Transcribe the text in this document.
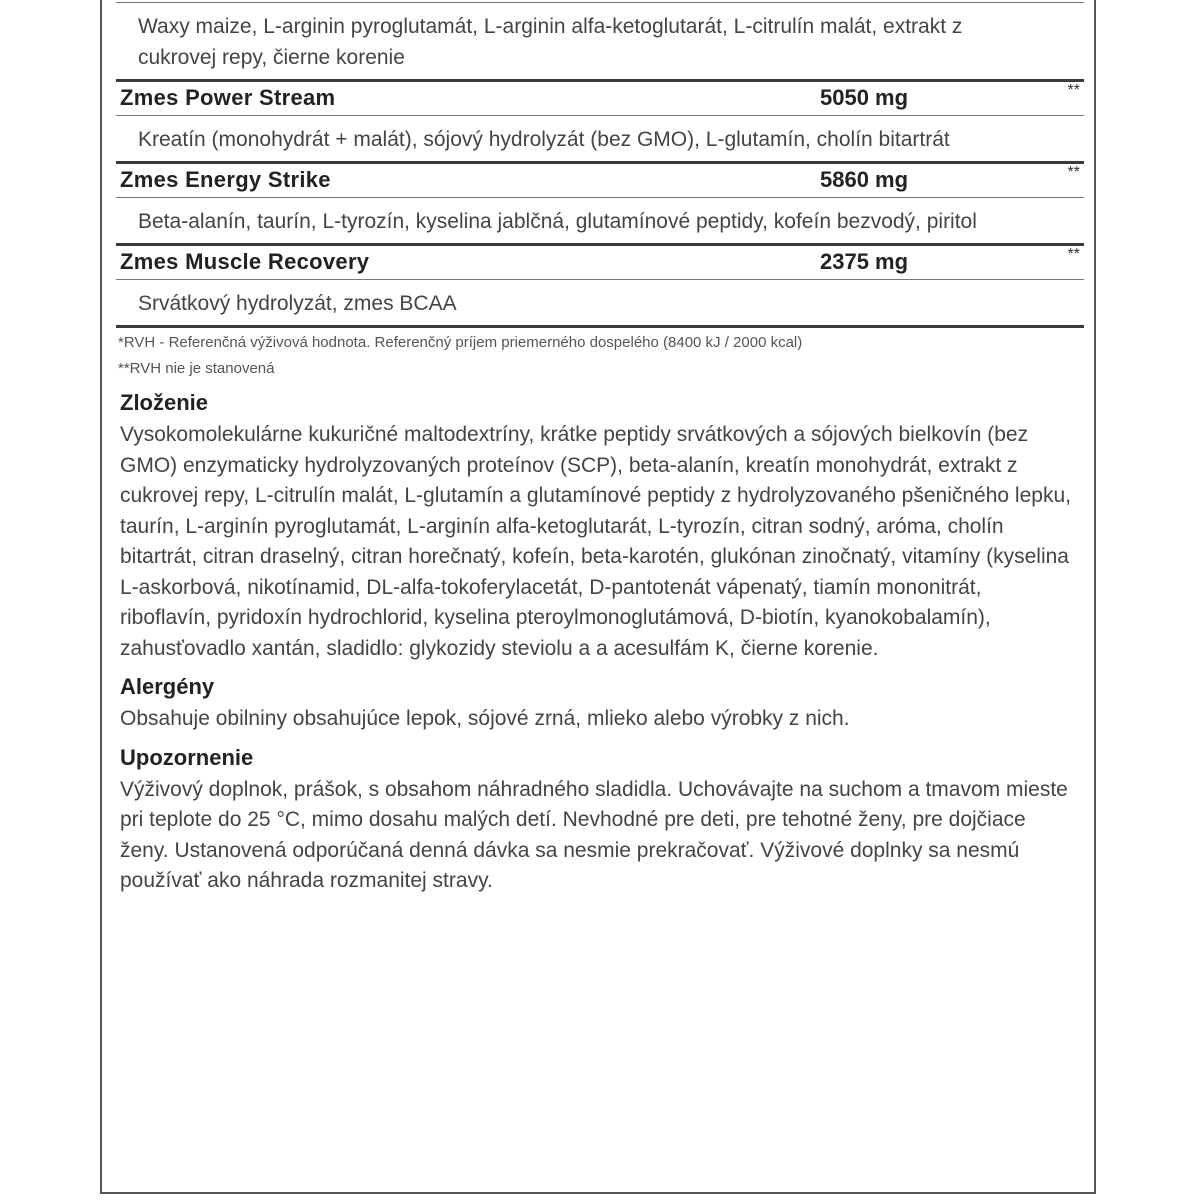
Waxy maize, L-arginin pyroglutamát, L-arginin alfa-ketoglutarát, L-citrulín malát, extrakt z cukrovej repy, čierne korenie
Zmes Power Stream	5050 mg	**
Kreatín (monohydrát + malát), sójový hydrolyzát (bez GMO), L-glutamín, cholín bitartrát
Zmes Energy Strike	5860 mg	**
Beta-alanín, taurín, L-tyrozín, kyselina jablčná, glutamínové peptidy, kofeín bezvodý, piritol
Zmes Muscle Recovery	2375 mg	**
Srvátkový hydrolyzát, zmes BCAA
*RVH - Referenčná výživová hodnota. Referenčný príjem priemerného dospelého (8400 kJ / 2000 kcal)
**RVH nie je stanovená
Zloženie
Vysokomolekulárne kukuričné maltodextríny, krátke peptidy srvátkových a sójových bielkovín (bez GMO) enzymaticky hydrolyzovaných proteínov (SCP), beta-alanín, kreatín monohydrát, extrakt z cukrovej repy, L-citrulín malát, L-glutamín a glutamínové peptidy z hydrolyzovaného pšeničného lepku, taurín, L-arginín pyroglutamát, L-arginín alfa-ketoglutarát, L-tyrozín, citran sodný, aróma, cholín bitartrát, citran draselný, citran horečnatý, kofeín, beta-karotén, glukónan zinočnatý, vitamíny (kyselina L-askorbová, nikotínamid, DL-alfa-tokoferylacetát, D-pantotenát vápenatý, tiamín mononitrát, riboflavín, pyridoxín hydrochlorid, kyselina pteroylmonoglutámová, D-biotín, kyanokobalamín), zahusťovadlo xantán, sladidlo: glykozidy steviolu a a acesulfám K, čierne korenie.
Alergény
Obsahuje obilniny obsahujúce lepok, sójové zrná, mlieko alebo výrobky z nich.
Upozornenie
Výživový doplnok, prášok, s obsahom náhradného sladidla. Uchovávajte na suchom a tmavom mieste pri teplote do 25 °C, mimo dosahu malých detí. Nevhodné pre deti, pre tehotné ženy, pre dojčiace ženy. Ustanovená odporúčaná denná dávka sa nesmie prekračovať. Výživové doplnky sa nesmú používať ako náhrada rozmanitej stravy.
